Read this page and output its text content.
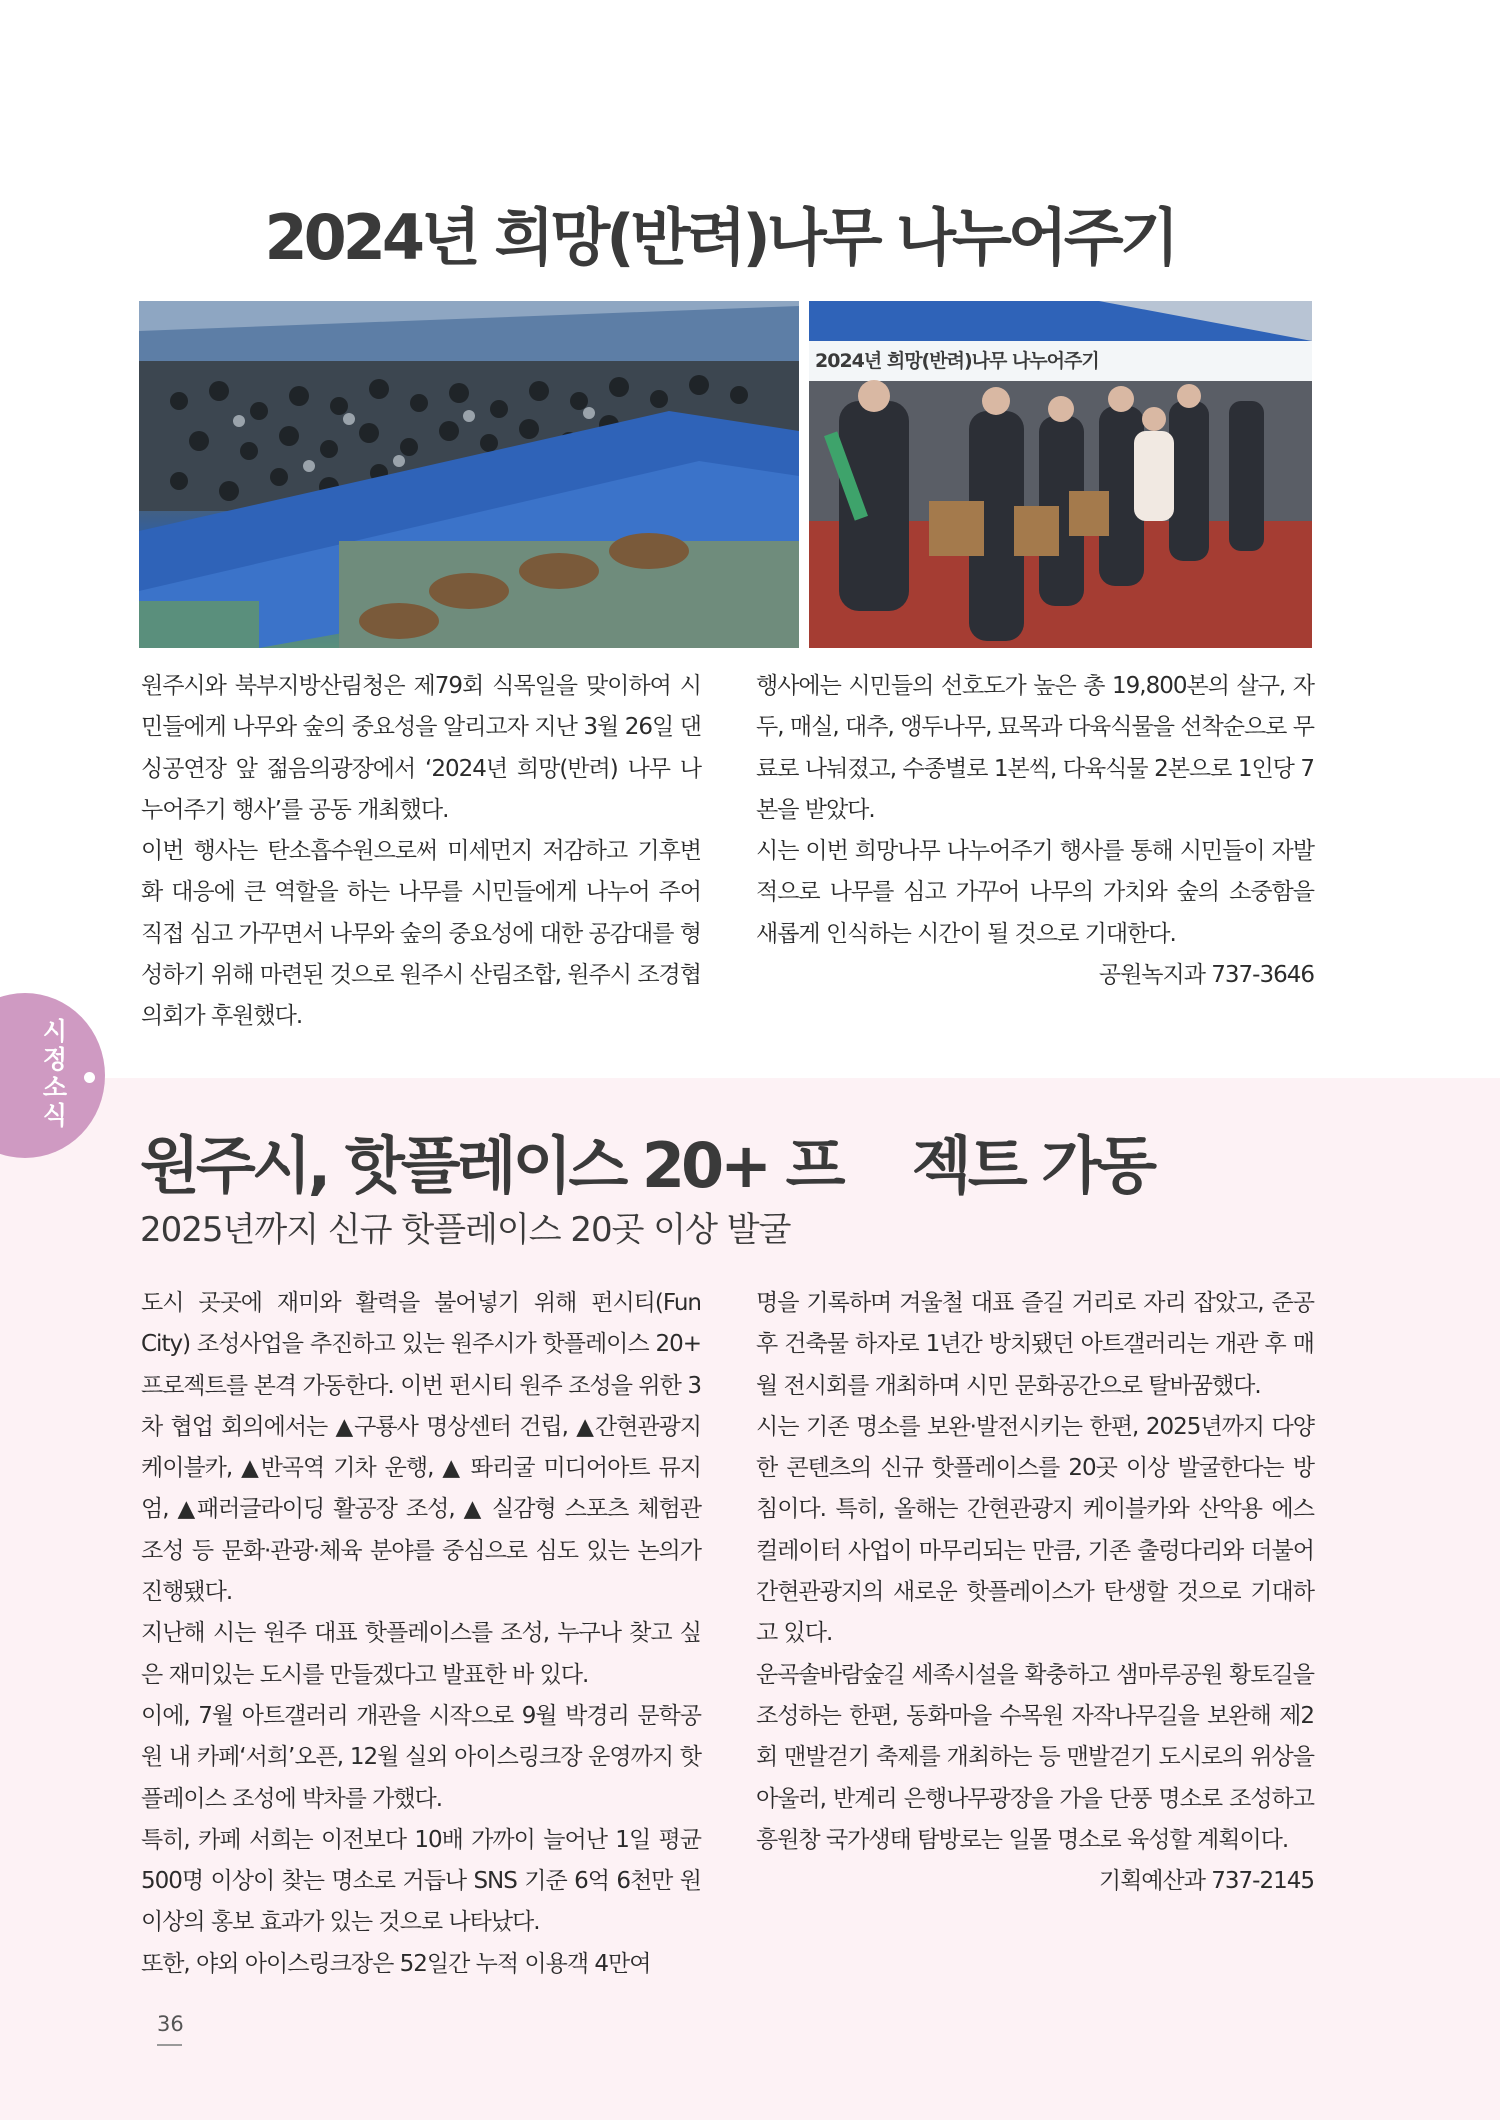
2024년 희망(반려)나무 나누어주기
2024년 희망(반려)나무 나누어주기

원주시와 북부지방산림청은 제79회 식목일을 맞이하여 시민들에게 나무와 숲의 중요성을 알리고자 지난 3월 26일 댄싱공연장 앞 젊음의광장에서 ‘2024년 희망(반려) 나무 나누어주기 행사’를 공동 개최했다.

이번 행사는 탄소흡수원으로써 미세먼지 저감하고 기후변화 대응에 큰 역할을 하는 나무를 시민들에게 나누어 주어 직접 심고 가꾸면서 나무와 숲의 중요성에 대한 공감대를 형성하기 위해 마련된 것으로 원주시 산림조합, 원주시 조경협의회가 후원했다.

행사에는 시민들의 선호도가 높은 총 19,800본의 살구, 자두, 매실, 대추, 앵두나무, 묘목과 다육식물을 선착순으로 무료로 나눠졌고, 수종별로 1본씩, 다육식물 2본으로 1인당 7본을 받았다.

시는 이번 희망나무 나누어주기 행사를 통해 시민들이 자발적으로 나무를 심고 가꾸어 나무의 가치와 숲의 소중함을 새롭게 인식하는 시간이 될 것으로 기대한다.

공원녹지과 737-3646

시정소식
원주시, 핫플레이스 20+ 프    젝트 가동
2025년까지 신규 핫플레이스 20곳 이상 발굴

도시 곳곳에 재미와 활력을 불어넣기 위해 펀시티(Fun City) 조성사업을 추진하고 있는 원주시가 핫플레이스 20+ 프로젝트를 본격 가동한다. 이번 펀시티 원주 조성을 위한 3차 협업 회의에서는 ▲구룡사 명상센터 건립, ▲간현관광지 케이블카, ▲반곡역 기차 운행, ▲ 똬리굴 미디어아트 뮤지엄, ▲패러글라이딩 활공장 조성, ▲ 실감형 스포츠 체험관 조성 등 문화·관광·체육 분야를 중심으로 심도 있는 논의가 진행됐다.

지난해 시는 원주 대표 핫플레이스를 조성, 누구나 찾고 싶은 재미있는 도시를 만들겠다고 발표한 바 있다.

이에, 7월 아트갤러리 개관을 시작으로 9월 박경리 문학공원 내 카페‘서희’오픈, 12월 실외 아이스링크장 운영까지 핫플레이스 조성에 박차를 가했다.

특히, 카페 서희는 이전보다 10배 가까이 늘어난 1일 평균 500명 이상이 찾는 명소로 거듭나 SNS 기준 6억 6천만 원 이상의 홍보 효과가 있는 것으로 나타났다.

또한, 야외 아이스링크장은 52일간 누적 이용객 4만여

명을 기록하며 겨울철 대표 즐길 거리로 자리 잡았고, 준공 후 건축물 하자로 1년간 방치됐던 아트갤러리는 개관 후 매월 전시회를 개최하며 시민 문화공간으로 탈바꿈했다.

시는 기존 명소를 보완·발전시키는 한편, 2025년까지 다양한 콘텐츠의 신규 핫플레이스를 20곳 이상 발굴한다는 방침이다. 특히, 올해는 간현관광지 케이블카와 산악용 에스컬레이터 사업이 마무리되는 만큼, 기존 출렁다리와 더불어 간현관광지의 새로운 핫플레이스가 탄생할 것으로 기대하고 있다.

운곡솔바람숲길 세족시설을 확충하고 샘마루공원 황토길을 조성하는 한편, 동화마을 수목원 자작나무길을 보완해 제2회 맨발걷기 축제를 개최하는 등 맨발걷기 도시로의 위상을 아울러, 반계리 은행나무광장을 가을 단풍 명소로 조성하고 흥원창 국가생태 탐방로는 일몰 명소로 육성할 계획이다.

기획예산과 737-2145

36
